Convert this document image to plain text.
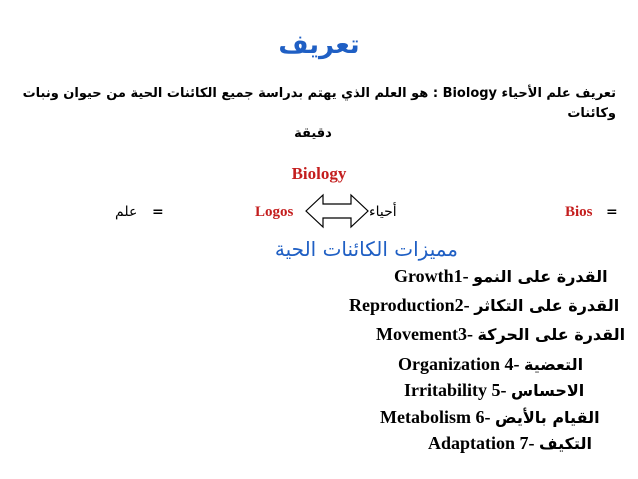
تعريف
تعريف علم الأحياء Biology : هو العلم الذي يهتم بدراسة جميع الكائنات الحية من حيوان ونبات وكائنات
دقيقة
Biology
=
Bios
أحياء
Logos
=
علم
مميزات الكائنات الحية
Growth1- القدرة على النمو
Reproduction2- القدرة على التكاثر
Movement3- القدرة على الحركة
Organization 4- التعضية
Irritability 5- الاحساس
Metabolism 6- القيام بالأيض
Adaptation 7- التكيف
